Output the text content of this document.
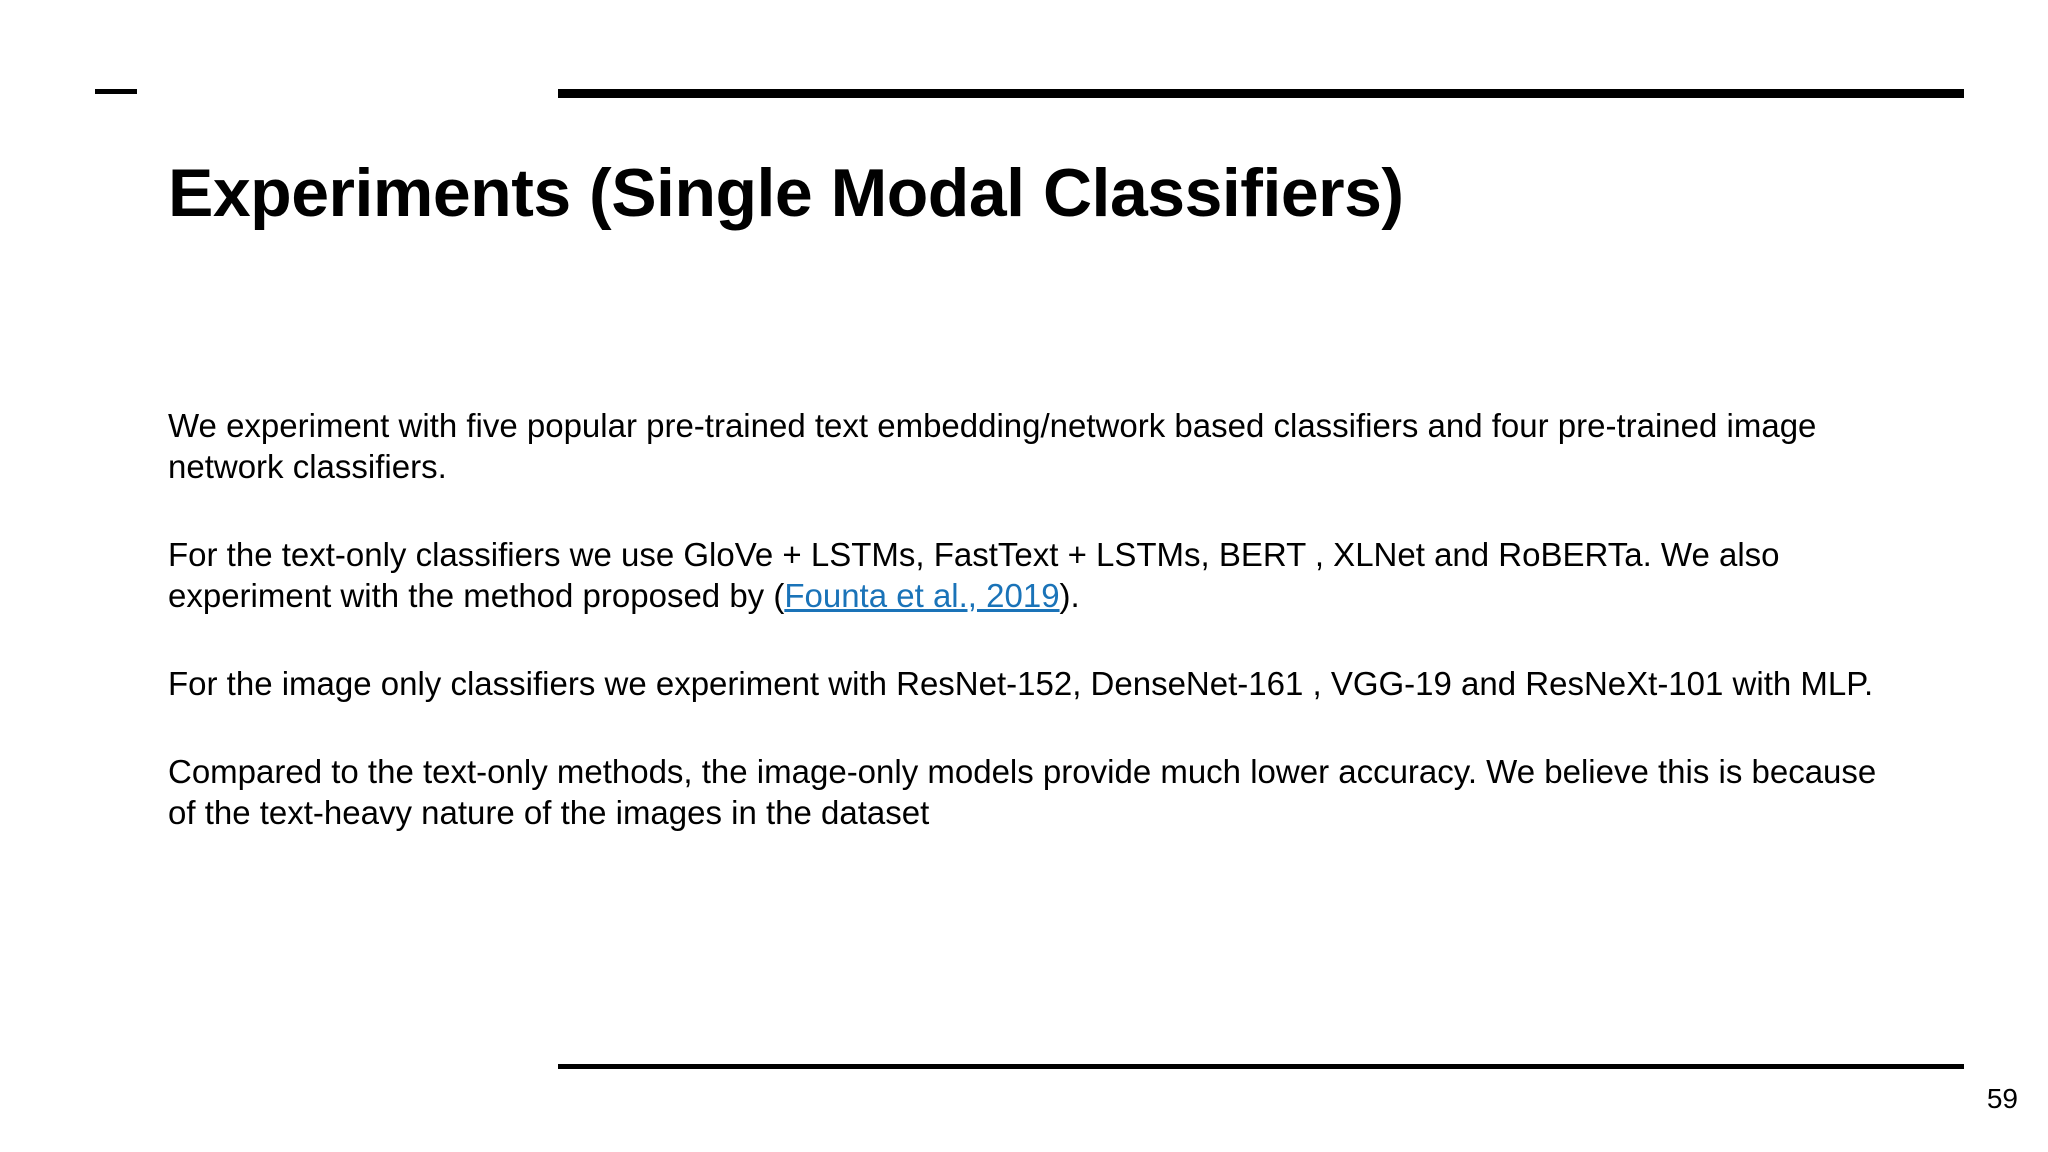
Experiments (Single Modal Classifiers)

We experiment with five popular pre-trained text embedding/network based classifiers and four pre-trained image network classifiers.

For the text-only classifiers we use GloVe + LSTMs, FastText + LSTMs, BERT , XLNet and RoBERTa. We also experiment with the method proposed by (Founta et al., 2019).

For the image only classifiers we experiment with ResNet-152, DenseNet-161 , VGG-19 and ResNeXt-101 with MLP.

Compared to the text-only methods, the image-only models provide much lower accuracy. We believe this is because of the text-heavy nature of the images in the dataset

59
